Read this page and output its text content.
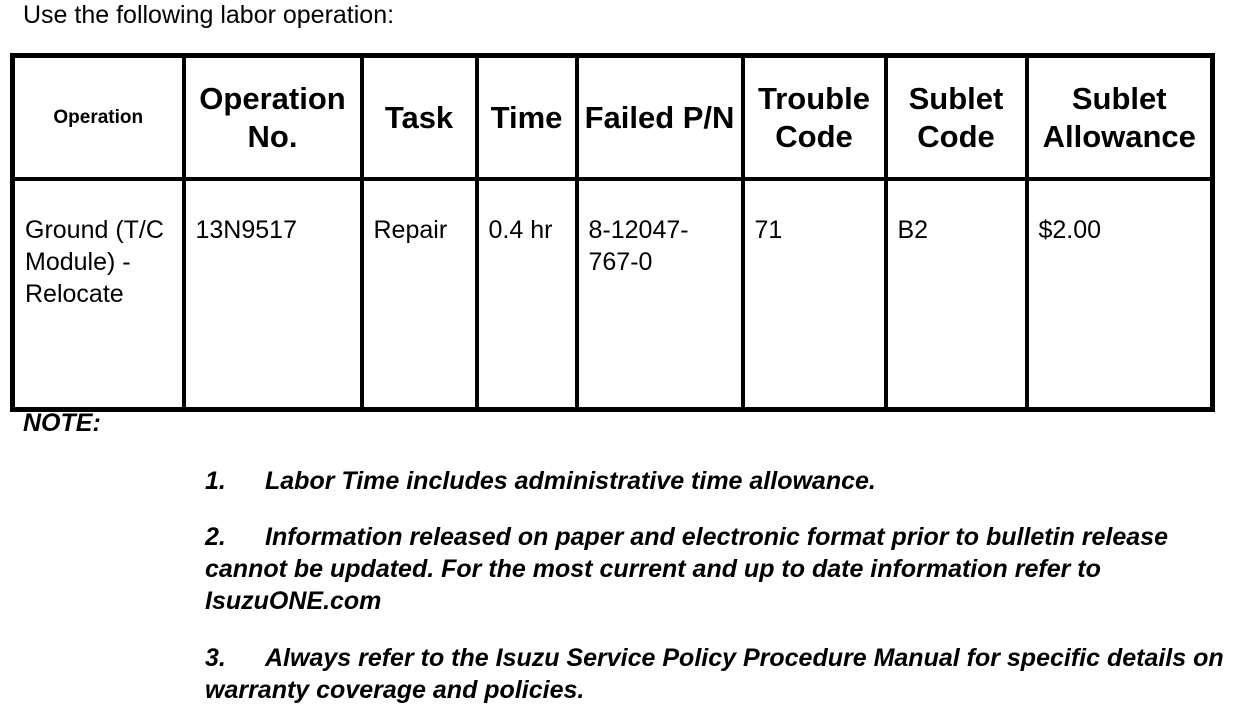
Use the following labor operation:
Operation	Operation No.	Task	Time	Failed P/N	Trouble Code	Sublet Code	Sublet Allowance
Ground (T/C Module) - Relocate	13N9517	Repair	0.4 hr	8-12047-767-0	71	B2	$2.00
NOTE:
1. Labor Time includes administrative time allowance.
2. Information released on paper and electronic format prior to bulletin release cannot be updated. For the most current and up to date information refer to IsuzuONE.com
3. Always refer to the Isuzu Service Policy Procedure Manual for specific details on warranty coverage and policies.
